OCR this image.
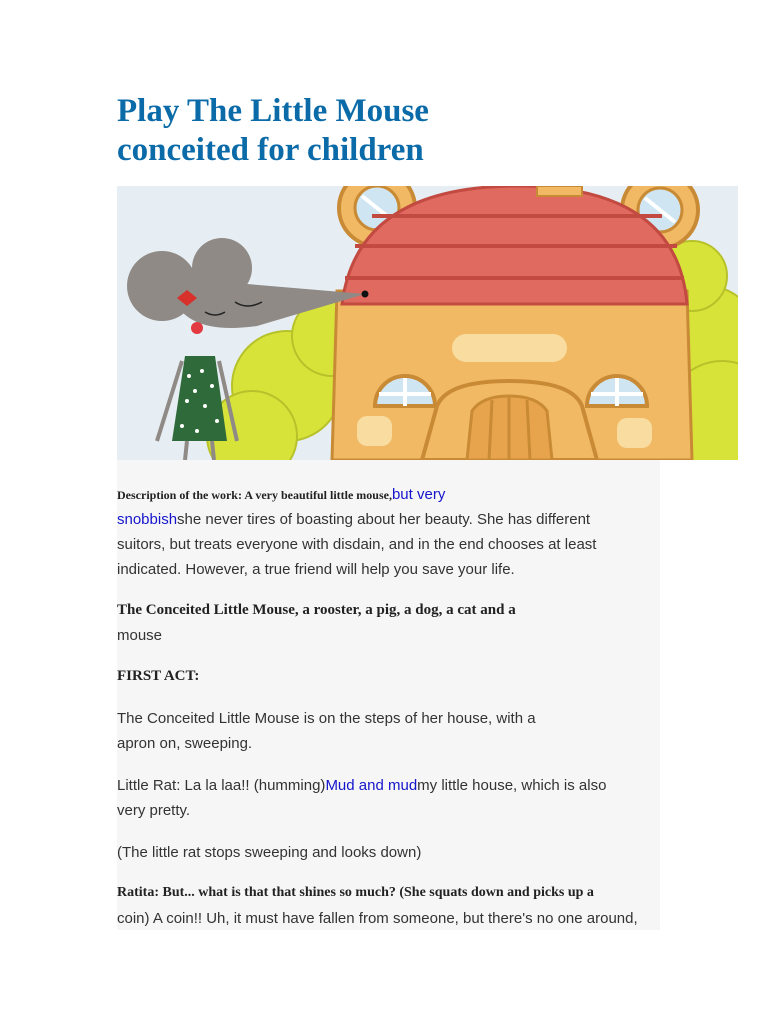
Play The Little Mouse
conceited for children

Description of the work: A very beautiful little mouse,but very
snobbishshe never tires of boasting about her beauty. She has different
suitors, but treats everyone with disdain, and in the end chooses at least
indicated. However, a true friend will help you save your life.

The Conceited Little Mouse, a rooster, a pig, a dog, a cat and a
mouse

FIRST ACT:

The Conceited Little Mouse is on the steps of her house, with a
apron on, sweeping.

Little Rat: La la laa!! (humming)Mud and mudmy little house, which is also
very pretty.

(The little rat stops sweeping and looks down)

Ratita: But... what is that that shines so much? (She squats down and picks up a
coin) A coin!! Uh, it must have fallen from someone, but there's no one around,
